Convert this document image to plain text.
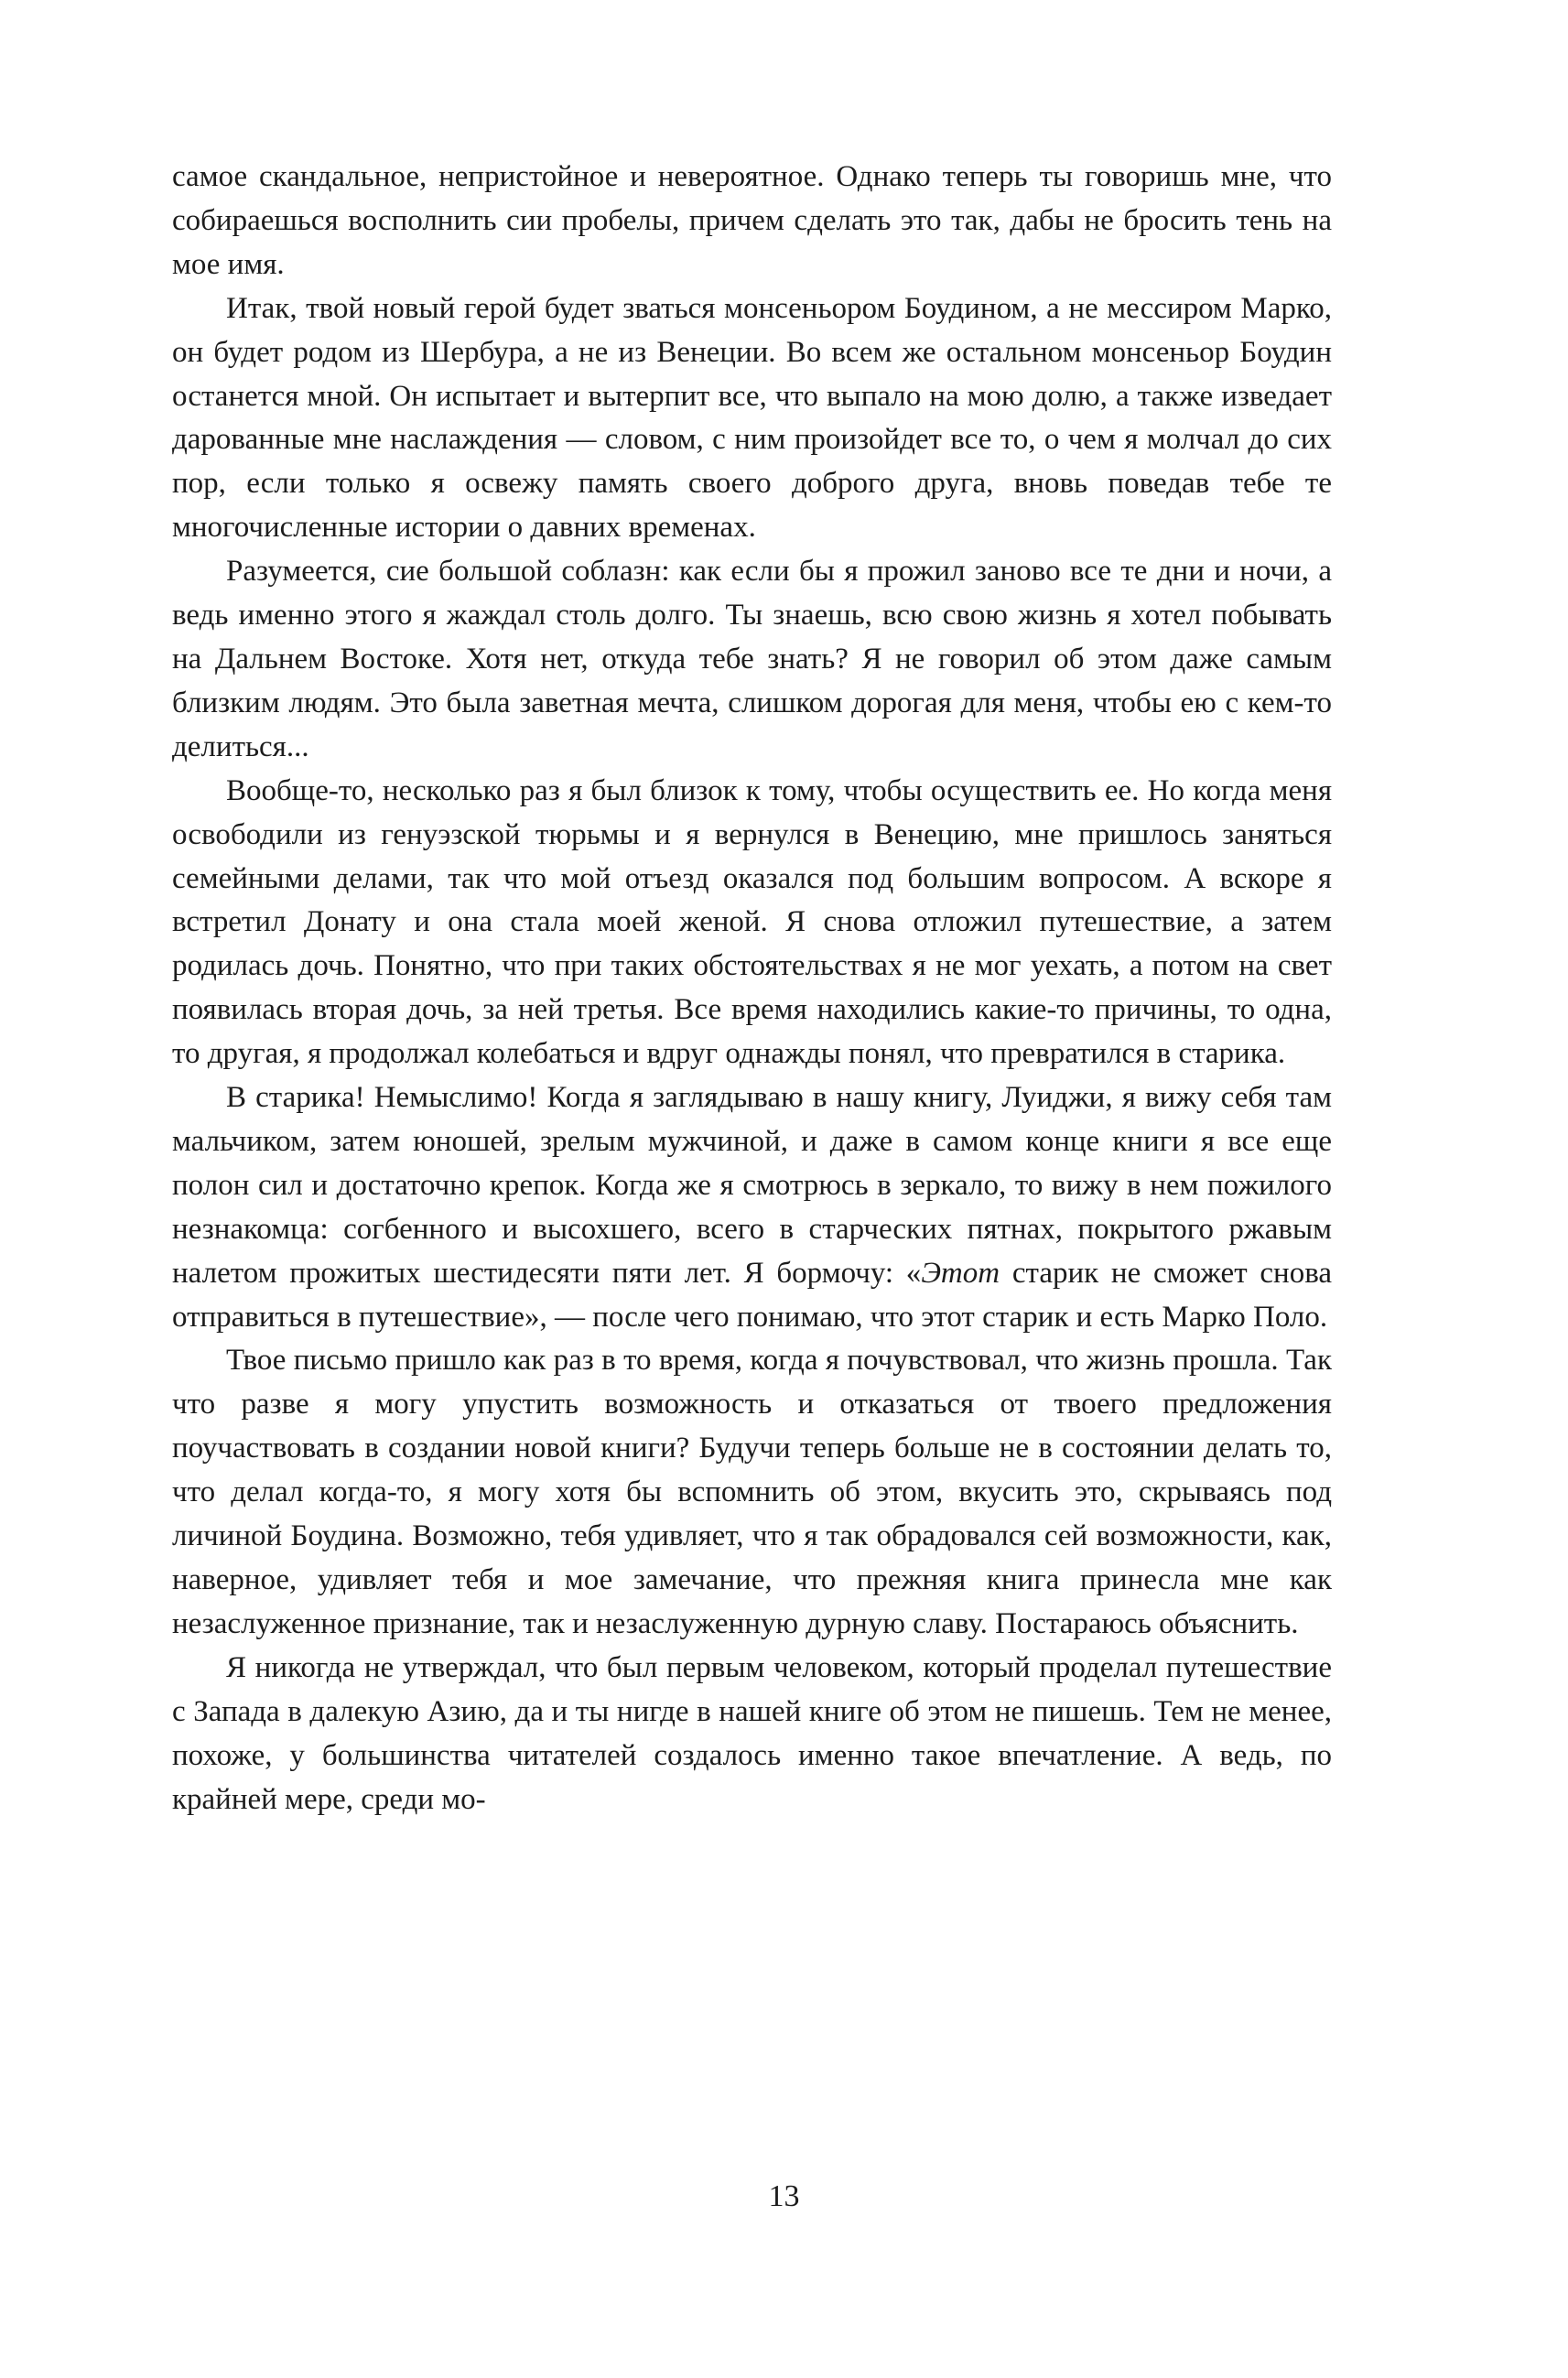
самое скандальное, непристойное и невероятное. Однако теперь ты говоришь мне, что собираешься восполнить сии пробелы, причем сделать это так, дабы не бросить тень на мое имя.

Итак, твой новый герой будет зваться монсеньором Боудином, а не мессиром Марко, он будет родом из Шербура, а не из Венеции. Во всем же остальном монсеньор Боудин останется мной. Он испытает и вытерпит все, что выпало на мою долю, а также изведает дарованные мне наслаждения — словом, с ним произойдет все то, о чем я молчал до сих пор, если только я освежу память своего доброго друга, вновь поведав тебе те многочисленные истории о давних временах.

Разумеется, сие большой соблазн: как если бы я прожил заново все те дни и ночи, а ведь именно этого я жаждал столь долго. Ты знаешь, всю свою жизнь я хотел побывать на Дальнем Востоке. Хотя нет, откуда тебе знать? Я не говорил об этом даже самым близким людям. Это была заветная мечта, слишком дорогая для меня, чтобы ею с кем-то делиться...

Вообще-то, несколько раз я был близок к тому, чтобы осуществить ее. Но когда меня освободили из генуэзской тюрьмы и я вернулся в Венецию, мне пришлось заняться семейными делами, так что мой отъезд оказался под большим вопросом. А вскоре я встретил Донату и она стала моей женой. Я снова отложил путешествие, а затем родилась дочь. Понятно, что при таких обстоятельствах я не мог уехать, а потом на свет появилась вторая дочь, за ней третья. Все время находились какие-то причины, то одна, то другая, я продолжал колебаться и вдруг однажды понял, что превратился в старика.

В старика! Немыслимо! Когда я заглядываю в нашу книгу, Луиджи, я вижу себя там мальчиком, затем юношей, зрелым мужчиной, и даже в самом конце книги я все еще полон сил и достаточно крепок. Когда же я смотрюсь в зеркало, то вижу в нем пожилого незнакомца: согбенного и высохшего, всего в старческих пятнах, покрытого ржавым налетом прожитых шестидесяти пяти лет. Я бормочу: «Этот старик не сможет снова отправиться в путешествие», — после чего понимаю, что этот старик и есть Марко Поло.

Твое письмо пришло как раз в то время, когда я почувствовал, что жизнь прошла. Так что разве я могу упустить возможность и отказаться от твоего предложения поучаствовать в создании новой книги? Будучи теперь больше не в состоянии делать то, что делал когда-то, я могу хотя бы вспомнить об этом, вкусить это, скрываясь под личиной Боудина. Возможно, тебя удивляет, что я так обрадовался сей возможности, как, наверное, удивляет тебя и мое замечание, что прежняя книга принесла мне как незаслуженное признание, так и незаслуженную дурную славу. Постараюсь объяснить.

Я никогда не утверждал, что был первым человеком, который проделал путешествие с Запада в далекую Азию, да и ты нигде в нашей книге об этом не пишешь. Тем не менее, похоже, у большинства читателей создалось именно такое впечатление. А ведь, по крайней мере, среди мо-

13
